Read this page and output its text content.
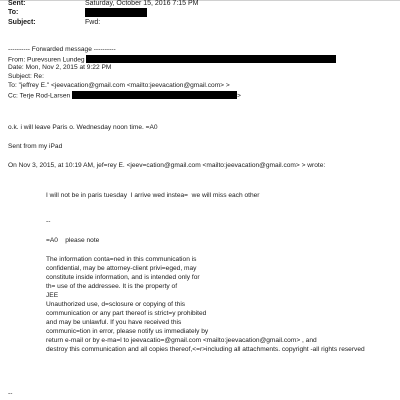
Sent:	Saturday, October 15, 2016 7:15 PM
To:
Subject:	Fwd:
---------- Forwarded message ----------
From: Purevsuren Lundeg
Date: Mon, Nov 2, 2015 at 9:22 PM
Subject: Re:
To: "jeffrey E." <jeevacation@gmail.com <mailto:jeevacation@gmail.com> >
Cc: Terje Rod-Larsen	>
o.k. i will leave Paris o. Wednesday noon time. =A0
Sent from my iPad
On Nov 3, 2015, at 10:19 AM, jef=rey E. <jeev=cation@gmail.com <mailto:jeevacation@gmail.com> > wrote:
I will not be in paris tuesday  I arrive wed instea=  we will miss each other
--
=A0    please note
The information conta=ned in this communication is
confidential, may be attorney-client privi=eged, may
constitute inside information, and is intended only for
th= use of the addressee. It is the property of
JEE
Unauthorized use, d=sclosure or copying of this
communication or any part thereof is strict=y prohibited
and may be unlawful. If you have received this
communic=tion in error, please notify us immediately by
return e-mail or by e-ma=l to jeevacatio=@gmail.com <mailto:jeevacation@gmail.com> , and
destroy this communication and all copies thereof,<=r>including all attachments. copyright -all rights reserved
--
